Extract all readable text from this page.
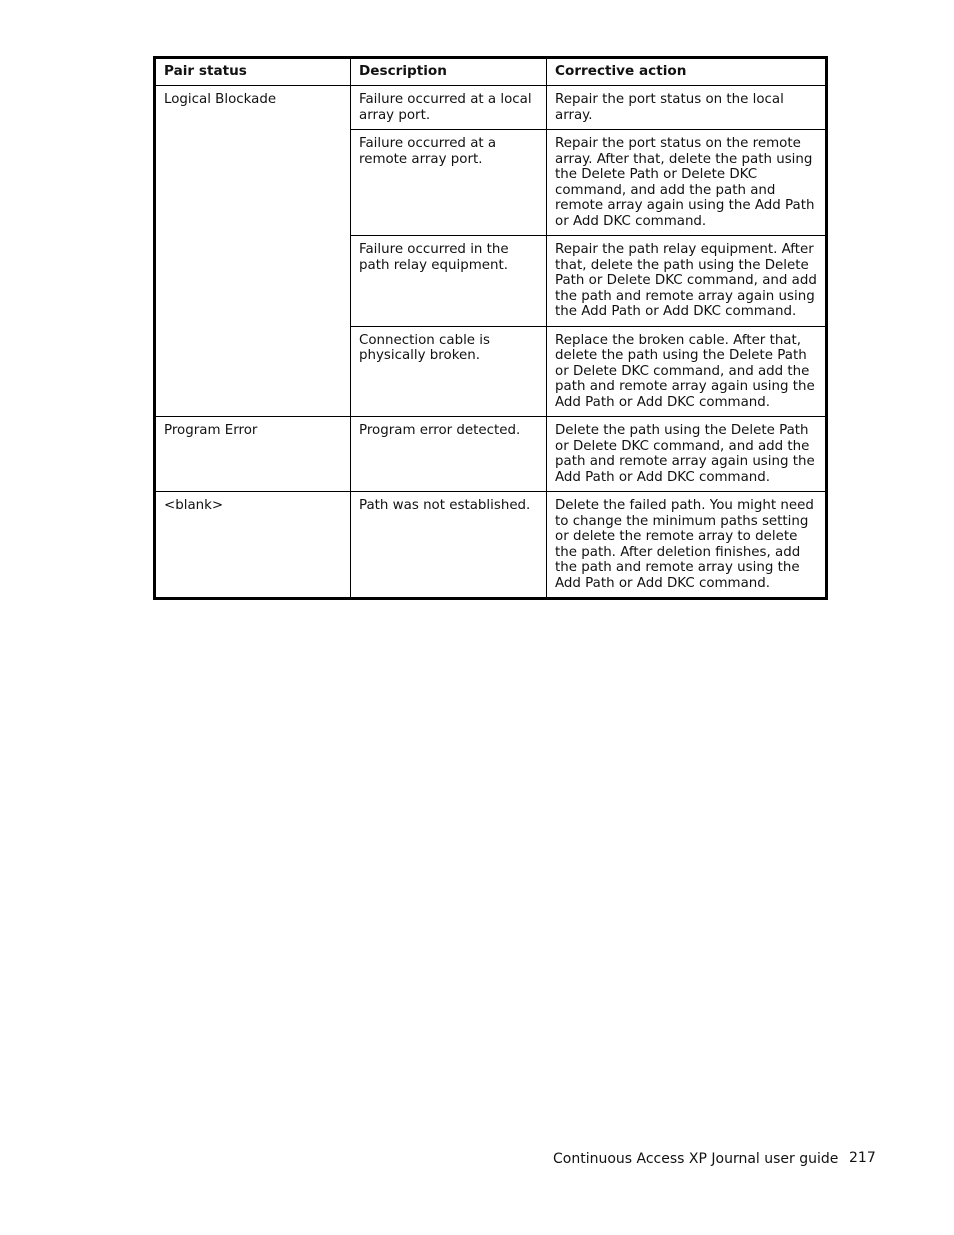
Pair status	Description	Corrective action

Logical Blockade	Failure occurred at a local array port.	Repair the port status on the local array.

	Failure occurred at a remote array port.	Repair the port status on the remote array. After that, delete the path using the Delete Path or Delete DKC command, and add the path and remote array again using the Add Path or Add DKC command.

	Failure occurred in the path relay equipment.	Repair the path relay equipment. After that, delete the path using the Delete Path or Delete DKC command, and add the path and remote array again using the Add Path or Add DKC command.

	Connection cable is physically broken.	Replace the broken cable. After that, delete the path using the Delete Path or Delete DKC command, and add the path and remote array again using the Add Path or Add DKC command.

Program Error	Program error detected.	Delete the path using the Delete Path or Delete DKC command, and add the path and remote array again using the Add Path or Add DKC command.

<blank>	Path was not established.	Delete the failed path. You might need to change the minimum paths setting or delete the remote array to delete the path. After deletion finishes, add the path and remote array using the Add Path or Add DKC command.
Continuous Access XP Journal user guide 217
